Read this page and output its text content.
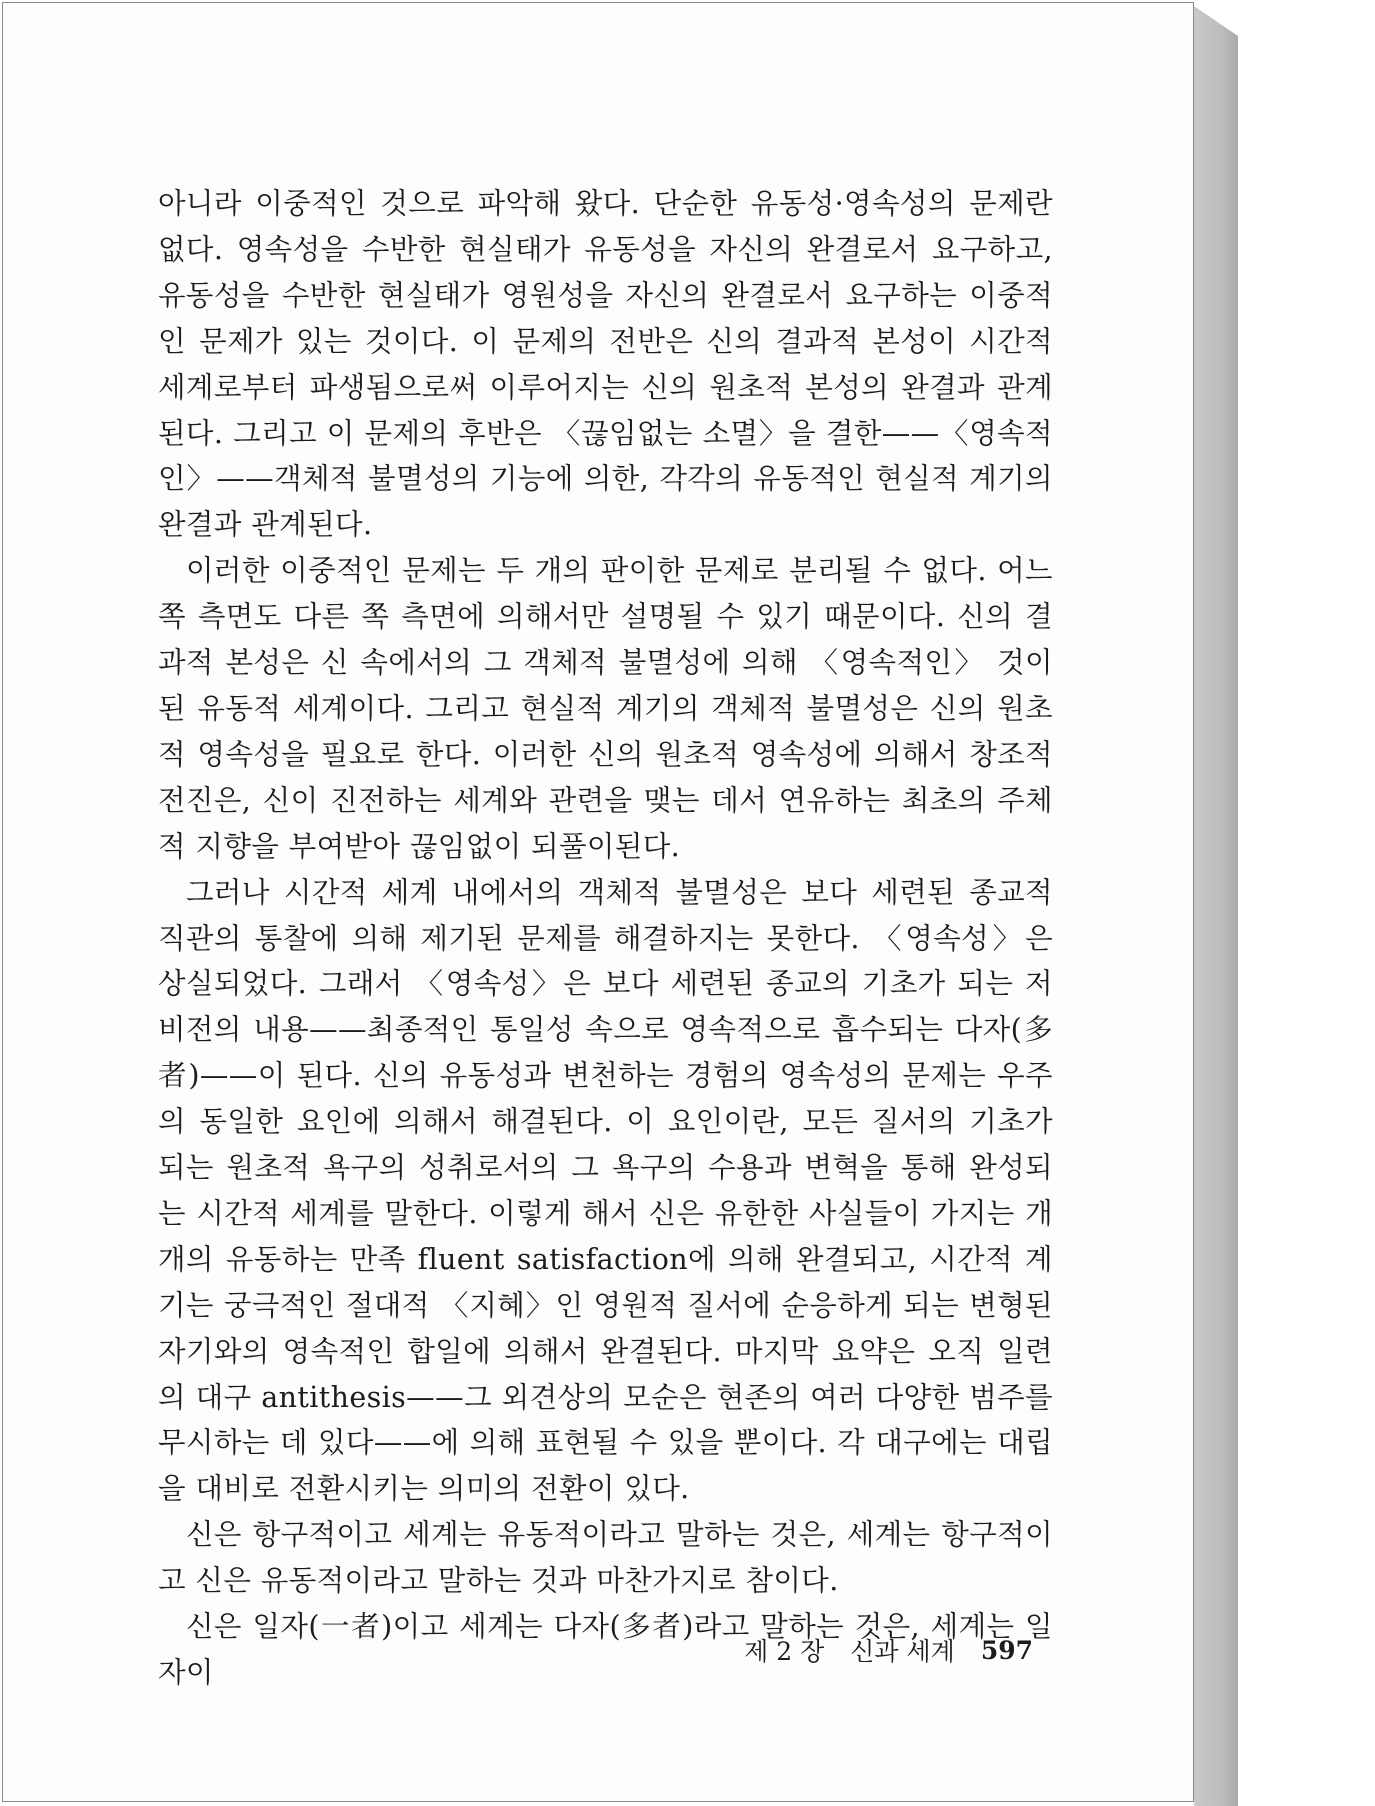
아니라 이중적인 것으로 파악해 왔다. 단순한 유동성·영속성의 문제란 없다. 영속성을 수반한 현실태가 유동성을 자신의 완결로서 요구하고, 유동성을 수반한 현실태가 영원성을 자신의 완결로서 요구하는 이중적인 문제가 있는 것이다. 이 문제의 전반은 신의 결과적 본성이 시간적 세계로부터 파생됨으로써 이루어지는 신의 원초적 본성의 완결과 관계된다. 그리고 이 문제의 후반은 〈끊임없는 소멸〉을 결한——〈영속적인〉——객체적 불멸성의 기능에 의한, 각각의 유동적인 현실적 계기의 완결과 관계된다.

이러한 이중적인 문제는 두 개의 판이한 문제로 분리될 수 없다. 어느 쪽 측면도 다른 쪽 측면에 의해서만 설명될 수 있기 때문이다. 신의 결과적 본성은 신 속에서의 그 객체적 불멸성에 의해 〈영속적인〉 것이 된 유동적 세계이다. 그리고 현실적 계기의 객체적 불멸성은 신의 원초적 영속성을 필요로 한다. 이러한 신의 원초적 영속성에 의해서 창조적 전진은, 신이 진전하는 세계와 관련을 맺는 데서 연유하는 최초의 주체적 지향을 부여받아 끊임없이 되풀이된다.

그러나 시간적 세계 내에서의 객체적 불멸성은 보다 세련된 종교적 직관의 통찰에 의해 제기된 문제를 해결하지는 못한다. 〈영속성〉은 상실되었다. 그래서 〈영속성〉은 보다 세련된 종교의 기초가 되는 저 비전의 내용——최종적인 통일성 속으로 영속적으로 흡수되는 다자(多者)——이 된다. 신의 유동성과 변천하는 경험의 영속성의 문제는 우주의 동일한 요인에 의해서 해결된다. 이 요인이란, 모든 질서의 기초가 되는 원초적 욕구의 성취로서의 그 욕구의 수용과 변혁을 통해 완성되는 시간적 세계를 말한다. 이렇게 해서 신은 유한한 사실들이 가지는 개개의 유동하는 만족 fluent satisfaction에 의해 완결되고, 시간적 계기는 궁극적인 절대적 〈지혜〉인 영원적 질서에 순응하게 되는 변형된 자기와의 영속적인 합일에 의해서 완결된다. 마지막 요약은 오직 일련의 대구 antithesis——그 외견상의 모순은 현존의 여러 다양한 범주를 무시하는 데 있다——에 의해 표현될 수 있을 뿐이다. 각 대구에는 대립을 대비로 전환시키는 의미의 전환이 있다.

신은 항구적이고 세계는 유동적이라고 말하는 것은, 세계는 항구적이고 신은 유동적이라고 말하는 것과 마찬가지로 참이다.

신은 일자(一者)이고 세계는 다자(多者)라고 말하는 것은, 세계는 일자이

제 2 장 신과 세계 597
